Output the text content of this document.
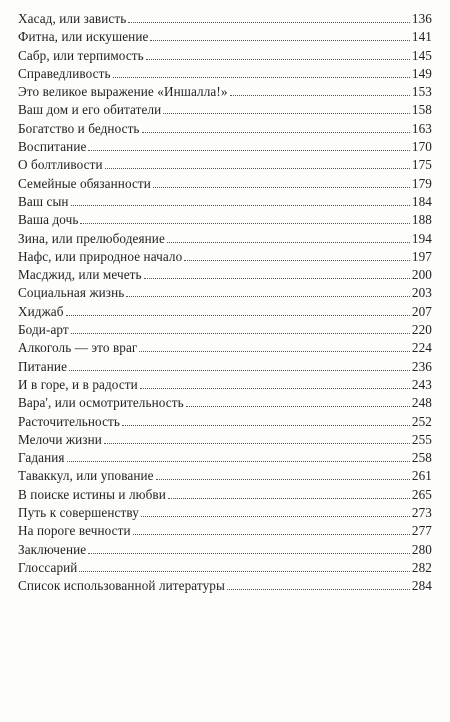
Хасад, или зависть	136
Фитна, или искушение	141
Сабр, или терпимость	145
Справедливость	149
Это великое выражение «Иншалла!»	153
Ваш дом и его обитатели	158
Богатство и бедность	163
Воспитание	170
О болтливости	175
Семейные обязанности	179
Ваш сын	184
Ваша дочь	188
Зина, или прелюбодеяние	194
Нафс, или природное начало	197
Масджид, или мечеть	200
Социальная жизнь	203
Хиджаб	207
Боди-арт	220
Алкоголь — это враг	224
Питание	236
И в горе, и в радости	243
Вара', или осмотрительность	248
Расточительность	252
Мелочи жизни	255
Гадания	258
Таваккул, или упование	261
В поиске истины и любви	265
Путь к совершенству	273
На пороге вечности	277
Заключение	280
Глоссарий	282
Список использованной литературы	284
